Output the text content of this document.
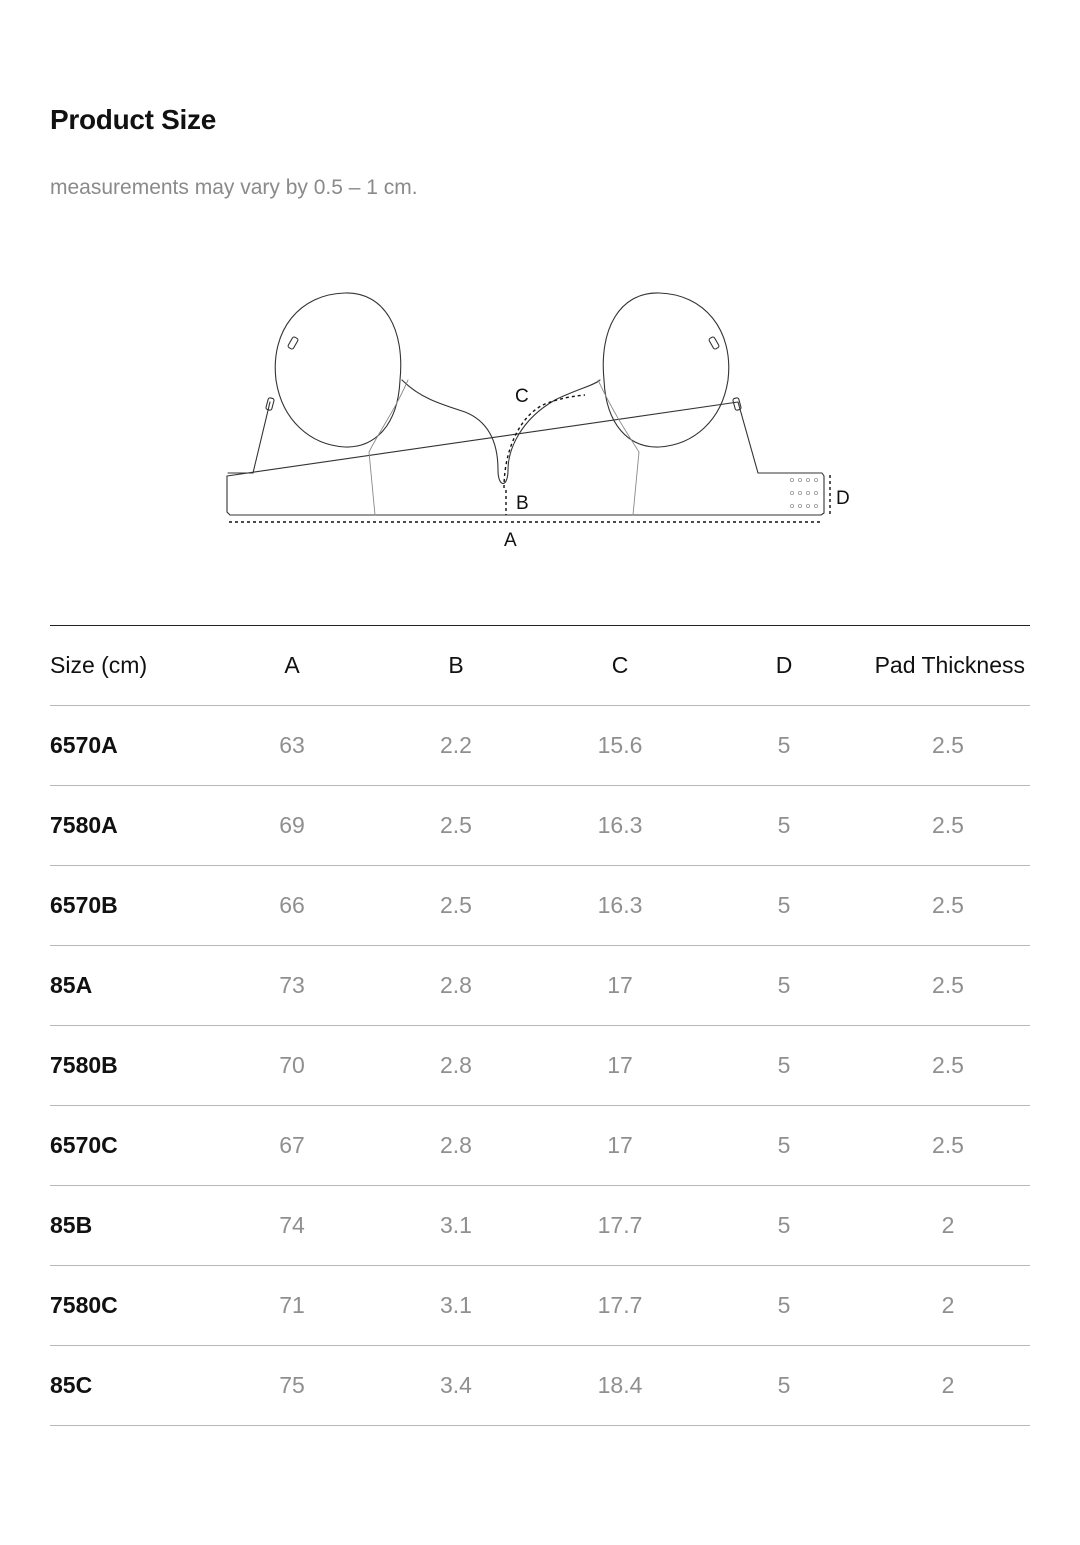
Product Size

measurements may vary by 0.5 – 1 cm.

A
B
C
D
Size (cm)	A	B	C	D	Pad Thickness
6570A	63	2.2	15.6	5	2.5
7580A	69	2.5	16.3	5	2.5
6570B	66	2.5	16.3	5	2.5
85A	73	2.8	17	5	2.5
7580B	70	2.8	17	5	2.5
6570C	67	2.8	17	5	2.5
85B	74	3.1	17.7	5	2
7580C	71	3.1	17.7	5	2
85C	75	3.4	18.4	5	2
